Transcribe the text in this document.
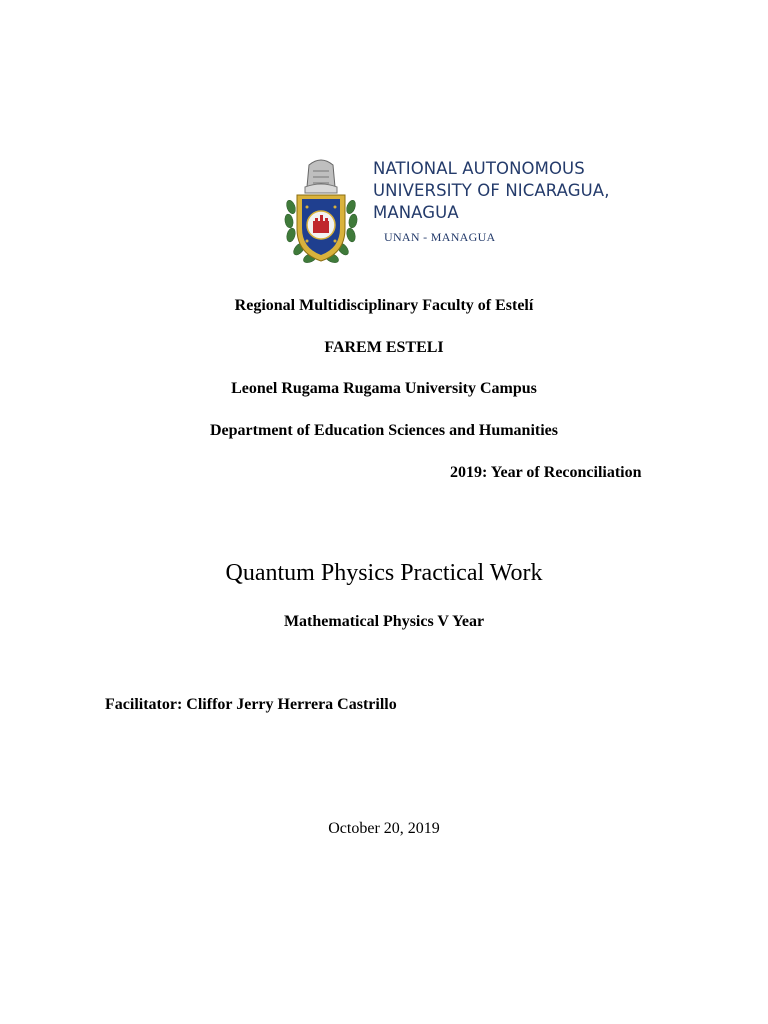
NATIONAL AUTONOMOUS
UNIVERSITY OF NICARAGUA,
MANAGUA
UNAN - MANAGUA
Regional Multidisciplinary Faculty of Estelí
FAREM ESTELI
Leonel Rugama Rugama University Campus
Department of Education Sciences and Humanities
2019: Year of Reconciliation
Quantum Physics Practical Work
Mathematical Physics V Year
Facilitator: Cliffor Jerry Herrera Castrillo
October 20, 2019
